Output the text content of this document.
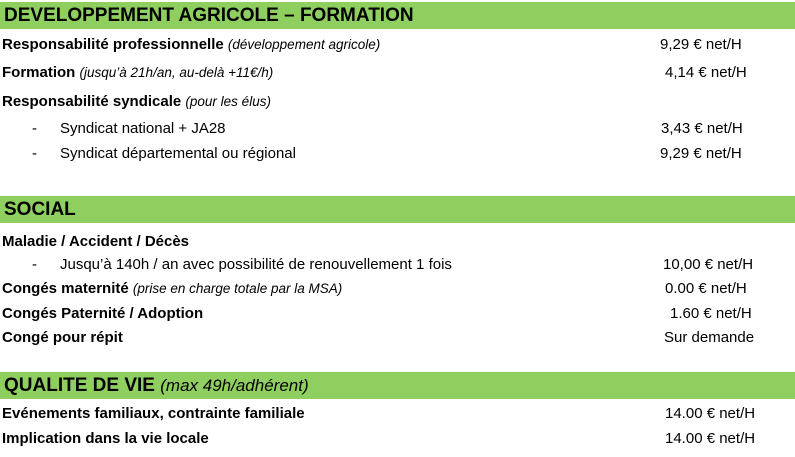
DEVELOPPEMENT AGRICOLE – FORMATION
Responsabilité professionnelle (développement agricole)	9,29 € net/H
Formation (jusqu’à 21h/an, au-delà +11€/h)	4,14 € net/H
Responsabilité syndicale (pour les élus)
- Syndicat national + JA28	3,43 € net/H
- Syndicat départemental ou régional	9,29 € net/H
SOCIAL
Maladie / Accident / Décès
- Jusqu’à 140h / an avec possibilité de renouvellement 1 fois	10,00 € net/H
Congés maternité (prise en charge totale par la MSA)	0.00 € net/H
Congés Paternité / Adoption	1.60 € net/H
Congé pour répit	Sur demande
QUALITE DE VIE (max 49h/adhérent)
Evénements familiaux, contrainte familiale	14.00 € net/H
Implication dans la vie locale	14.00 € net/H
